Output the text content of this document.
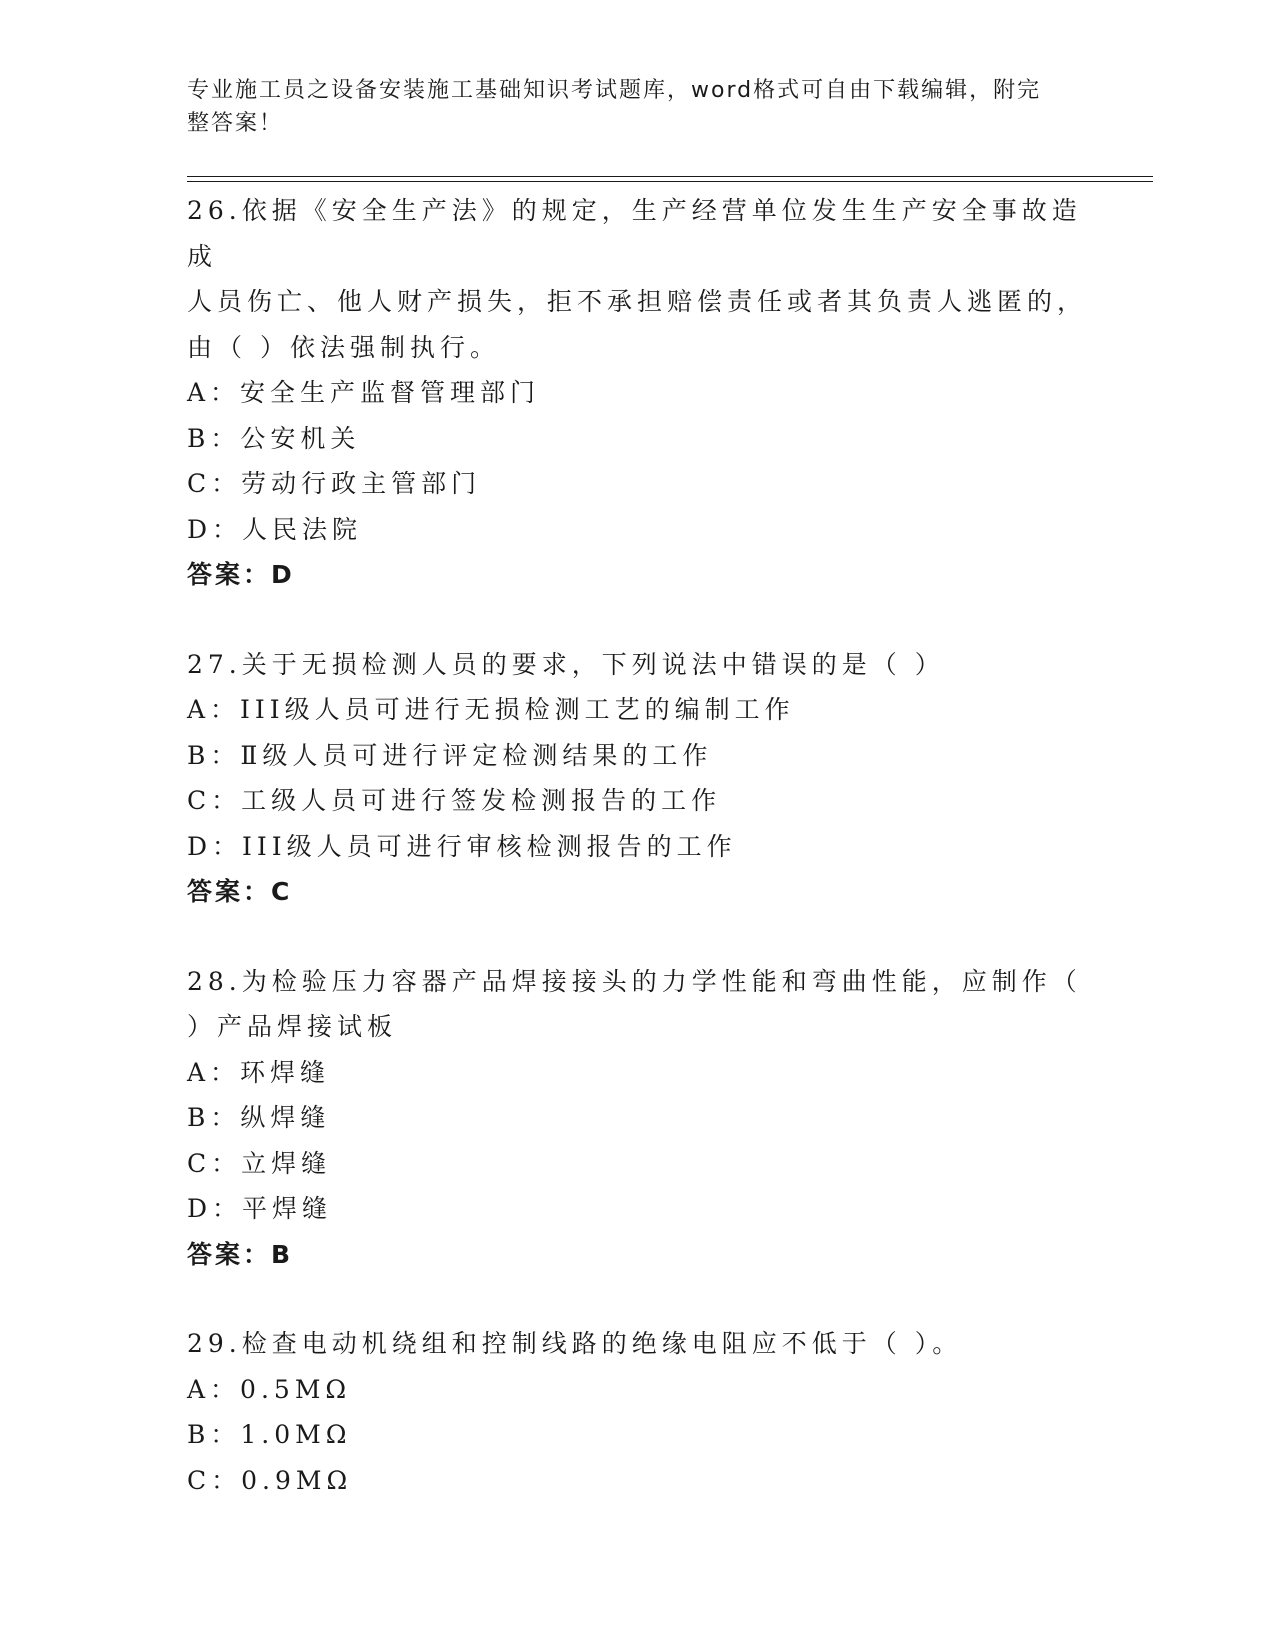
专业施工员之设备安装施工基础知识考试题库，word格式可自由下载编辑，附完
整答案！
26.依据《安全生产法》的规定，生产经营单位发生生产安全事故造成
人员伤亡、他人财产损失，拒不承担赔偿责任或者其负责人逃匿的，
由（ ）依法强制执行。
A：安全生产监督管理部门
B：公安机关
C：劳动行政主管部门
D：人民法院
答案：D
27.关于无损检测人员的要求，下列说法中错误的是（ ）
A：III级人员可进行无损检测工艺的编制工作
B：Ⅱ级人员可进行评定检测结果的工作
C：工级人员可进行签发检测报告的工作
D：III级人员可进行审核检测报告的工作
答案：C
28.为检验压力容器产品焊接接头的力学性能和弯曲性能，应制作（
）产品焊接试板
A：环焊缝
B：纵焊缝
C：立焊缝
D：平焊缝
答案：B
29.检查电动机绕组和控制线路的绝缘电阻应不低于（ ）。
A：0.5MΩ
B：1.0MΩ
C：0.9MΩ
